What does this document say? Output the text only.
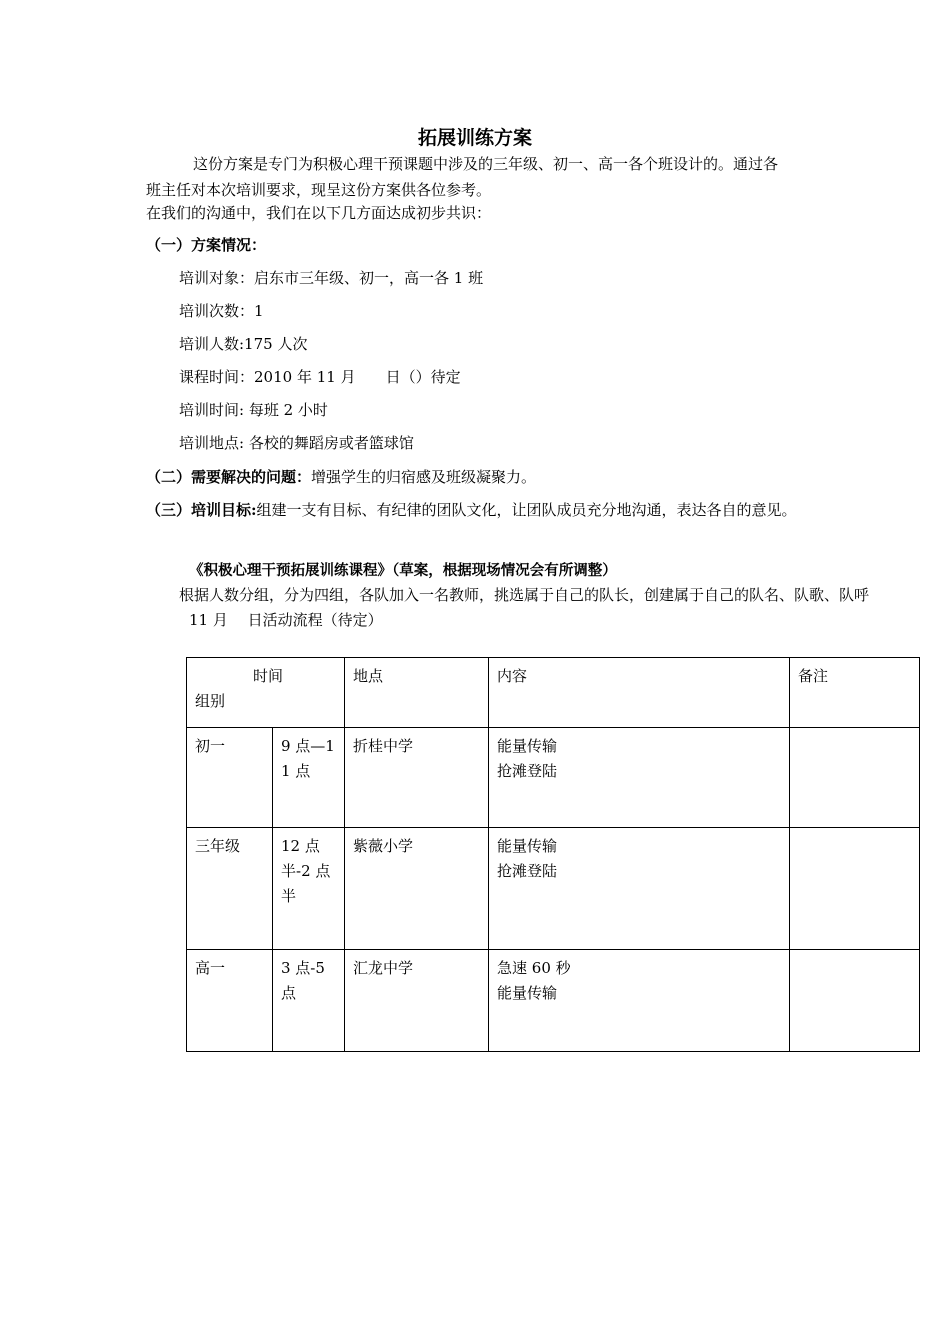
拓展训练方案
这份方案是专门为积极心理干预课题中涉及的三年级、初一、高一各个班设计的。通过各
班主任对本次培训要求，现呈这份方案供各位参考。
在我们的沟通中，我们在以下几方面达成初步共识：
（一）方案情况：
培训对象：启东市三年级、初一，高一各 1 班
培训次数：1
培训人数:175 人次
课程时间：2010 年 11 月　　日（）待定
培训时间: 每班 2 小时
培训地点: 各校的舞蹈房或者篮球馆
（二）需要解决的问题：增强学生的归宿感及班级凝聚力。
（三）培训目标:组建一支有目标、有纪律的团队文化，让团队成员充分地沟通，表达各自的意见。
《积极心理干预拓展训练课程》（草案，根据现场情况会有所调整）
根据人数分组，分为四组，各队加入一名教师，挑选属于自己的队长，创建属于自己的队名、队歌、队呼
11 月　 日活动流程（待定）
时间
组别		地点	内容	备注
初一	9 点—11 点	折桂中学	能量传输
抢滩登陆	

三年级	12 点半-2 点半	紫薇小学	能量传输
抢滩登陆	

高一	3 点-5 点	汇龙中学	急速 60 秒
能量传输	
